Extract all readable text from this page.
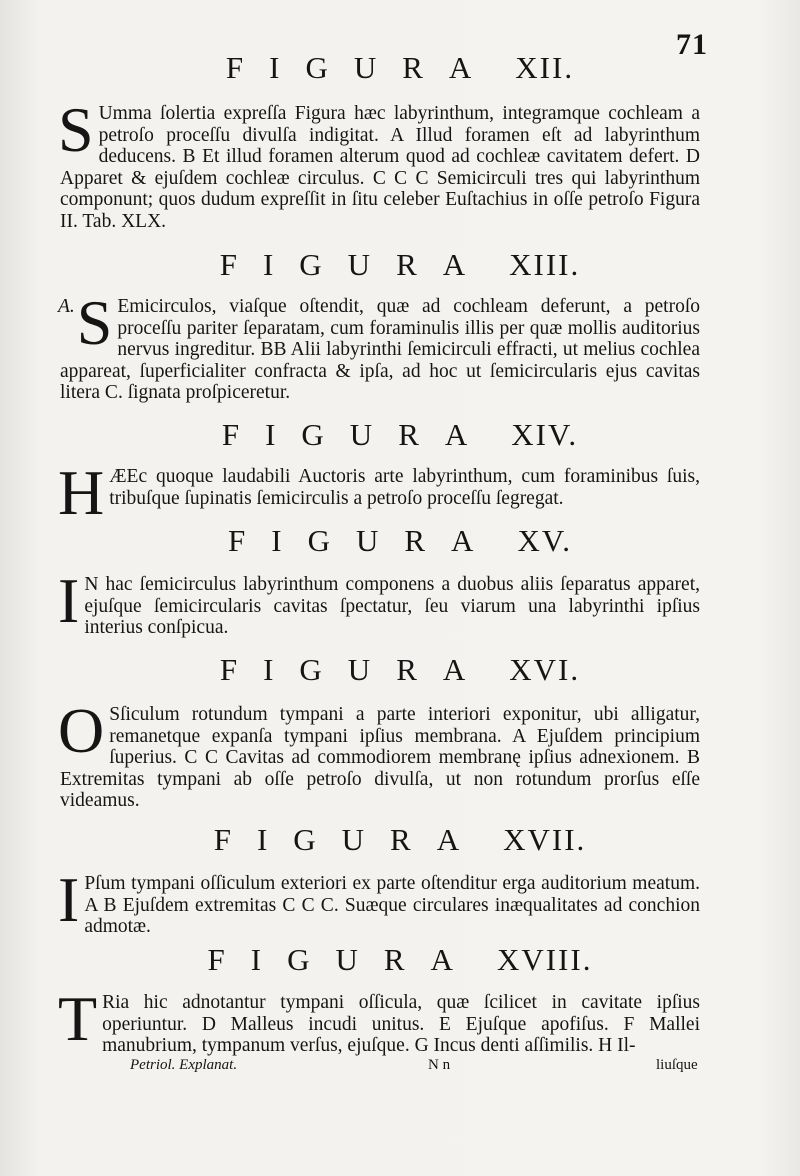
71
FIGURA XII.
S Umma ſolertia expreſſa Figura hæc labyrinthum, integramque cochleam a petroſo proceſſu divulſa indigitat. A Illud foramen eſt ad labyrinthum deducens. B Et illud foramen alterum quod ad cochleæ cavitatem defert. D Apparet & ejuſdem cochleæ circulus. C C C Semicirculi tres qui labyrinthum componunt; quos dudum expreſſit in ſitu celeber Euſtachius in oſſe petroſo Figura II. Tab. XLX.
FIGURA XIII.
A. S Emicirculos, viaſque oſtendit, quæ ad cochleam deferunt, a petroſo proceſſu pariter ſeparatam, cum foraminulis illis per quæ mollis auditorius nervus ingreditur. BB Alii labyrinthi ſemicirculi effracti, ut melius cochlea appareat, ſuperficialiter confracta & ipſa, ad hoc ut ſemicircularis ejus cavitas litera C. ſignata proſpiceretur.
FIGURA XIV.
H ÆEc quoque laudabili Auctoris arte labyrinthum, cum foraminibus ſuis, tribuſque ſupinatis ſemicirculis a petroſo proceſſu ſegregat.
FIGURA XV.
I N hac ſemicirculus labyrinthum componens a duobus aliis ſeparatus apparet, ejuſque ſemicircularis cavitas ſpectatur, ſeu viarum una labyrinthi ipſius interius conſpicua.
FIGURA XVI.
O Sſiculum rotundum tympani a parte interiori exponitur, ubi alligatur, remanetque expanſa tympani ipſius membrana. A Ejuſdem principium ſuperius. C C Cavitas ad commodiorem membranę ipſius adnexionem. B Extremitas tympani ab oſſe petroſo divulſa, ut non rotundum prorſus eſſe videamus.
FIGURA XVII.
I Pſum tympani oſſiculum exteriori ex parte oſtenditur erga auditorium meatum. A B Ejuſdem extremitas C C C. Suæque circulares inæqualitates ad conchion admotæ.
FIGURA XVIII.
T Ria hic adnotantur tympani oſſicula, quæ ſcilicet in cavitate ipſius operiuntur. D Malleus incudi unitus. E Ejuſque apofiſus. F Mallei manubrium, tympanum verſus, ejuſque. G Incus denti aſſimilis. H Il-
Petriol. Explanat.	N n	liuſque
